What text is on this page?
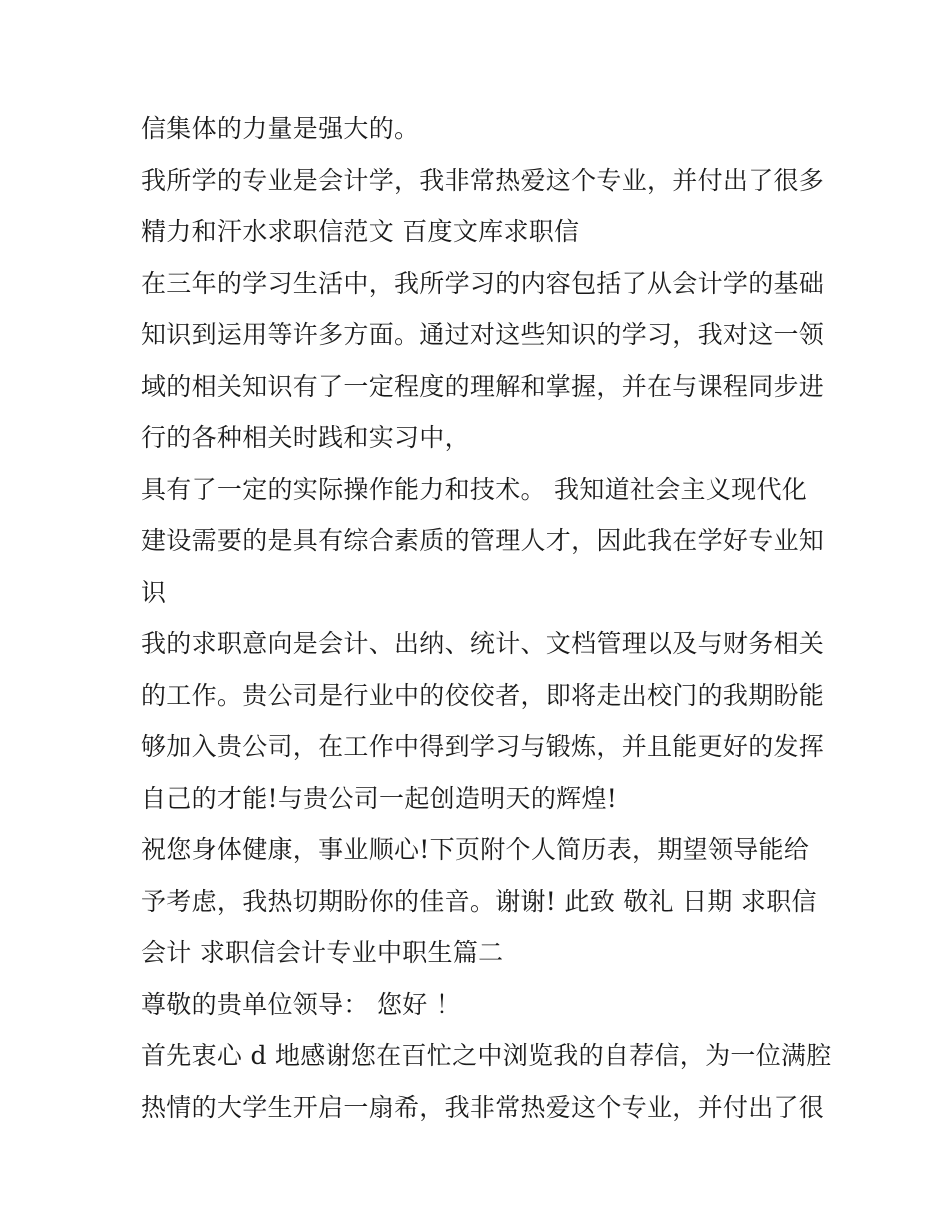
信集体的力量是强大的。
我所学的专业是会计学，我非常热爱这个专业，并付出了很多
精力和汗水求职信范文 百度文库求职信
在三年的学习生活中，我所学习的内容包括了从会计学的基础
知识到运用等许多方面。通过对这些知识的学习，我对这一领
域的相关知识有了一定程度的理解和掌握，并在与课程同步进
行的各种相关时践和实习中，
具有了一定的实际操作能力和技术。 我知道社会主义现代化
建设需要的是具有综合素质的管理人才，因此我在学好专业知
识
我的求职意向是会计、出纳、统计、文档管理以及与财务相关
的工作。贵公司是行业中的佼佼者，即将走出校门的我期盼能
够加入贵公司，在工作中得到学习与锻炼，并且能更好的发挥
自己的才能!与贵公司一起创造明天的辉煌!
祝您身体健康，事业顺心!下页附个人简历表，期望领导能给
予考虑，我热切期盼你的佳音。谢谢! 此致 敬礼 日期 求职信
会计 求职信会计专业中职生篇二
尊敬的贵单位领导： 您好 ！
首先衷心 d 地感谢您在百忙之中浏览我的自荐信，为一位满腔
热情的大学生开启一扇希，我非常热爱这个专业，并付出了很
